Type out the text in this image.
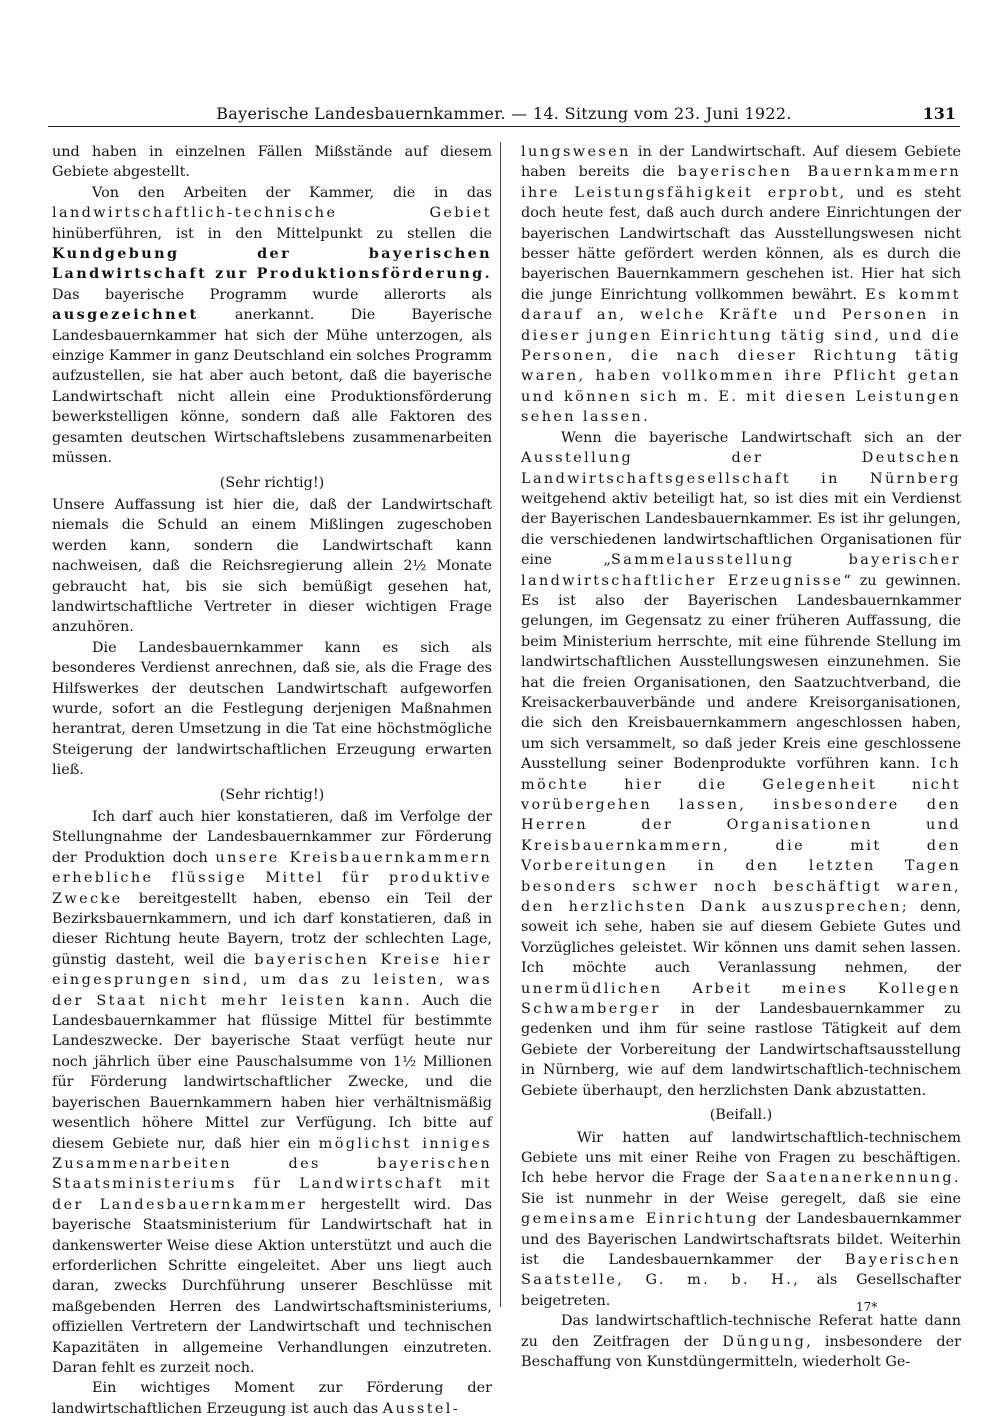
Bayerische Landesbauernkammer. — 14. Sitzung vom 23. Juni 1922.	131

und haben in einzelnen Fällen Mißstände auf diesem Gebiete abgestellt.

Von den Arbeiten der Kammer, die in das landwirtschaftlich-technische Gebiet hinüberführen, ist in den Mittelpunkt zu stellen die Kundgebung der bayerischen Landwirtschaft zur Produktionsförderung. Das bayerische Programm wurde allerorts als ausgezeichnet anerkannt. Die Bayerische Landesbauernkammer hat sich der Mühe unterzogen, als einzige Kammer in ganz Deutschland ein solches Programm aufzustellen, sie hat aber auch betont, daß die bayerische Landwirtschaft nicht allein eine Produktionsförderung bewerkstelligen könne, sondern daß alle Faktoren des gesamten deutschen Wirtschaftslebens zusammenarbeiten müssen.

(Sehr richtig!)

Unsere Auffassung ist hier die, daß der Landwirtschaft niemals die Schuld an einem Mißlingen zugeschoben werden kann, sondern die Landwirtschaft kann nachweisen, daß die Reichsregierung allein 2½ Monate gebraucht hat, bis sie sich bemüßigt gesehen hat, landwirtschaftliche Vertreter in dieser wichtigen Frage anzuhören.

Die Landesbauernkammer kann es sich als besonderes Verdienst anrechnen, daß sie, als die Frage des Hilfswerkes der deutschen Landwirtschaft aufgeworfen wurde, sofort an die Festlegung derjenigen Maßnahmen herantrat, deren Umsetzung in die Tat eine höchstmögliche Steigerung der landwirtschaftlichen Erzeugung erwarten ließ.

(Sehr richtig!)

Ich darf auch hier konstatieren, daß im Verfolge der Stellungnahme der Landesbauernkammer zur Förderung der Produktion doch unsere Kreisbauernkammern erhebliche flüssige Mittel für produktive Zwecke bereitgestellt haben, ebenso ein Teil der Bezirksbauernkammern, und ich darf konstatieren, daß in dieser Richtung heute Bayern, trotz der schlechten Lage, günstig dasteht, weil die bayerischen Kreise hier eingesprungen sind, um das zu leisten, was der Staat nicht mehr leisten kann. Auch die Landesbauernkammer hat flüssige Mittel für bestimmte Landeszwecke. Der bayerische Staat verfügt heute nur noch jährlich über eine Pauschalsumme von 1½ Millionen für Förderung landwirtschaftlicher Zwecke, und die bayerischen Bauernkammern haben hier verhältnismäßig wesentlich höhere Mittel zur Verfügung. Ich bitte auf diesem Gebiete nur, daß hier ein möglichst inniges Zusammenarbeiten des bayerischen Staatsministeriums für Landwirtschaft mit der Landesbauernkammer hergestellt wird. Das bayerische Staatsministerium für Landwirtschaft hat in dankenswerter Weise diese Aktion unterstützt und auch die erforderlichen Schritte eingeleitet. Aber uns liegt auch daran, zwecks Durchführung unserer Beschlüsse mit maßgebenden Herren des Landwirtschaftsministeriums, offiziellen Vertretern der Landwirtschaft und technischen Kapazitäten in allgemeine Verhandlungen einzutreten. Daran fehlt es zurzeit noch.

Ein wichtiges Moment zur Förderung der landwirtschaftlichen Erzeugung ist auch das Ausstel-

lungswesen in der Landwirtschaft. Auf diesem Gebiete haben bereits die bayerischen Bauernkammern ihre Leistungsfähigkeit erprobt, und es steht doch heute fest, daß auch durch andere Einrichtungen der bayerischen Landwirtschaft das Ausstellungswesen nicht besser hätte gefördert werden können, als es durch die bayerischen Bauernkammern geschehen ist. Hier hat sich die junge Einrichtung vollkommen bewährt. Es kommt darauf an, welche Kräfte und Personen in dieser jungen Einrichtung tätig sind, und die Personen, die nach dieser Richtung tätig waren, haben vollkommen ihre Pflicht getan und können sich m. E. mit diesen Leistungen sehen lassen.

Wenn die bayerische Landwirtschaft sich an der Ausstellung der Deutschen Landwirtschaftsgesellschaft in Nürnberg weitgehend aktiv beteiligt hat, so ist dies mit ein Verdienst der Bayerischen Landesbauernkammer. Es ist ihr gelungen, die verschiedenen landwirtschaftlichen Organisationen für eine „Sammelausstellung bayerischer landwirtschaftlicher Erzeugnisse“ zu gewinnen. Es ist also der Bayerischen Landesbauernkammer gelungen, im Gegensatz zu einer früheren Auffassung, die beim Ministerium herrschte, mit eine führende Stellung im landwirtschaftlichen Ausstellungswesen einzunehmen. Sie hat die freien Organisationen, den Saatzuchtverband, die Kreisackerbauverbände und andere Kreisorganisationen, die sich den Kreisbauernkammern angeschlossen haben, um sich versammelt, so daß jeder Kreis eine geschlossene Ausstellung seiner Bodenprodukte vorführen kann. Ich möchte hier die Gelegenheit nicht vorübergehen lassen, insbesondere den Herren der Organisationen und Kreisbauernkammern, die mit den Vorbereitungen in den letzten Tagen besonders schwer noch beschäftigt waren, den herzlichsten Dank auszusprechen; denn, soweit ich sehe, haben sie auf diesem Gebiete Gutes und Vorzügliches geleistet. Wir können uns damit sehen lassen. Ich möchte auch Veranlassung nehmen, der unermüdlichen Arbeit meines Kollegen Schwamberger in der Landesbauernkammer zu gedenken und ihm für seine rastlose Tätigkeit auf dem Gebiete der Vorbereitung der Landwirtschaftsausstellung in Nürnberg, wie auf dem landwirtschaftlich-technischem Gebiete überhaupt, den herzlichsten Dank abzustatten.

(Beifall.)

Wir hatten auf landwirtschaftlich-technischem Gebiete uns mit einer Reihe von Fragen zu beschäftigen. Ich hebe hervor die Frage der Saatenanerkennung. Sie ist nunmehr in der Weise geregelt, daß sie eine gemeinsame Einrichtung der Landesbauernkammer und des Bayerischen Landwirtschaftsrats bildet. Weiterhin ist die Landesbauernkammer der Bayerischen Saatstelle, G. m. b. H., als Gesellschafter beigetreten.

Das landwirtschaftlich-technische Referat hatte dann zu den Zeitfragen der Düngung, insbesondere der Beschaffung von Kunstdüngermitteln, wiederholt Ge-

17*
